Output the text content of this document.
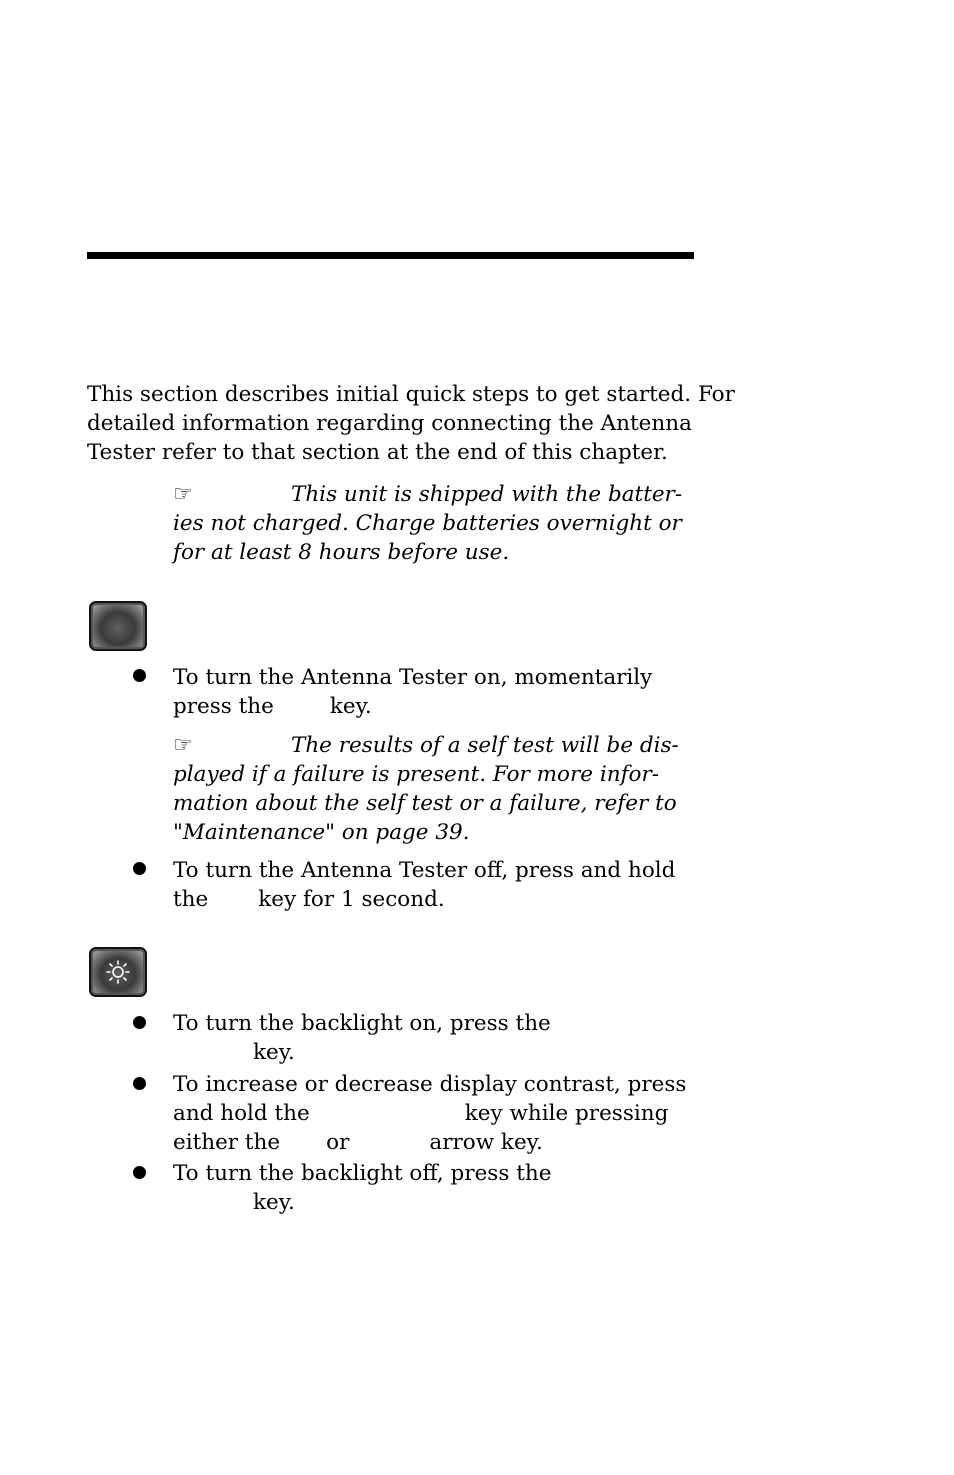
This section describes initial quick steps to get started. For
detailed information regarding connecting the Antenna
Tester refer to that section at the end of this chapter.
☞	This unit is shipped with the batter-
ies not charged. Charge batteries overnight or
for at least 8 hours before use.
To turn the Antenna Tester on, momentarily
press the	key.
☞	The results of a self test will be dis-
played if a failure is present. For more infor-
mation about the self test or a failure, refer to
"Maintenance" on page 39.
To turn the Antenna Tester off, press and hold
the key for 1 second.
To turn the backlight on, press the
key.
To increase or decrease display contrast, press
and hold the	key while pressing
either the or	arrow key.
To turn the backlight off, press the
key.
